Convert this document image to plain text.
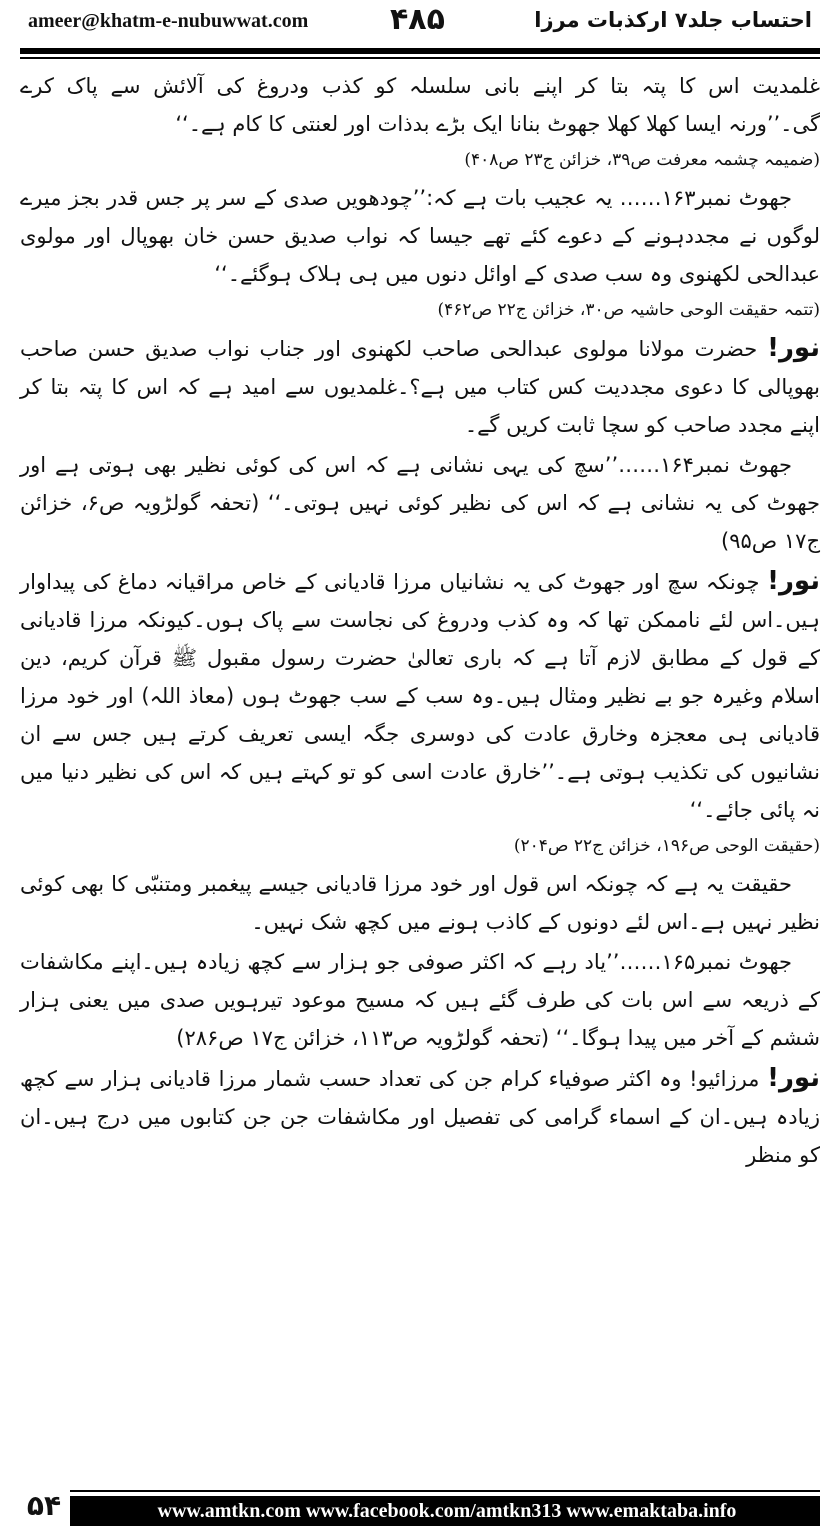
ameer@khatm-e-nubuwwat.com	۴۸۵	احتساب جلد۷ ارکذبات مرزا

غلمدیت اس کا پتہ بتا کر اپنے بانی سلسلہ کو کذب ودروغ کی آلائش سے پاک کرے گی۔’’ورنہ ایسا کھلا کھلا جھوٹ بنانا ایک بڑے بدذات اور لعنتی کا کام ہے۔‘‘

(ضمیمہ چشمہ معرفت ص۳۹، خزائن ج۲۳ ص۴۰۸)

جھوٹ نمبر۱۶۳…… یہ عجیب بات ہے کہ:’’چودھویں صدی کے سر پر جس قدر بجز میرے لوگوں نے مجددہونے کے دعوے کئے تھے جیسا کہ نواب صدیق حسن خان بھوپال اور مولوی عبدالحی لکھنوی وہ سب صدی کے اوائل دنوں میں ہی ہلاک ہوگئے۔‘‘

(تتمہ حقیقت الوحی حاشیہ ص۳۰، خزائن ج۲۲ ص۴۶۲)

نور! حضرت مولانا مولوی عبدالحی صاحب لکھنوی اور جناب نواب صدیق حسن صاحب بھوپالی کا دعوی مجددیت کس کتاب میں ہے؟۔غلمدیوں سے امید ہے کہ اس کا پتہ بتا کر اپنے مجدد صاحب کو سچا ثابت کریں گے۔

جھوٹ نمبر۱۶۴……’’سچ کی یہی نشانی ہے کہ اس کی کوئی نظیر بھی ہوتی ہے اور جھوٹ کی یہ نشانی ہے کہ اس کی نظیر کوئی نہیں ہوتی۔‘‘ (تحفہ گولڑویہ ص۶، خزائن ج۱۷ ص۹۵)

نور! چونکہ سچ اور جھوٹ کی یہ نشانیاں مرزا قادیانی کے خاص مراقیانہ دماغ کی پیداوار ہیں۔اس لئے ناممکن تھا کہ وہ کذب ودروغ کی نجاست سے پاک ہوں۔کیونکہ مرزا قادیانی کے قول کے مطابق لازم آتا ہے کہ باری تعالیٰ حضرت رسول مقبول ﷺ قرآن کریم، دین اسلام وغیرہ جو بے نظیر ومثال ہیں۔وہ سب کے سب جھوٹ ہوں (معاذ اللہ) اور خود مرزا قادیانی ہی معجزہ وخارق عادت کی دوسری جگہ ایسی تعریف کرتے ہیں جس سے ان نشانیوں کی تکذیب ہوتی ہے۔’’خارق عادت اسی کو تو کہتے ہیں کہ اس کی نظیر دنیا میں نہ پائی جائے۔‘‘

(حقیقت الوحی ص۱۹۶، خزائن ج۲۲ ص۲۰۴)

حقیقت یہ ہے کہ چونکہ اس قول اور خود مرزا قادیانی جیسے پیغمبر ومتنبّی کا بھی کوئی نظیر نہیں ہے۔اس لئے دونوں کے کاذب ہونے میں کچھ شک نہیں۔

جھوٹ نمبر۱۶۵……’’یاد رہے کہ اکثر صوفی جو ہزار سے کچھ زیادہ ہیں۔اپنے مکاشفات کے ذریعہ سے اس بات کی طرف گئے ہیں کہ مسیح موعود تیرہویں صدی میں یعنی ہزار ششم کے آخر میں پیدا ہوگا۔‘‘ (تحفہ گولڑویہ ص۱۱۳، خزائن ج۱۷ ص۲۸۶)

نور! مرزائیو! وہ اکثر صوفیاء کرام جن کی تعداد حسب شمار مرزا قادیانی ہزار سے کچھ زیادہ ہیں۔ان کے اسماء گرامی کی تفصیل اور مکاشفات جن جن کتابوں میں درج ہیں۔ان کو منظر

۵۴	www.amtkn.com www.facebook.com/amtkn313 www.emaktaba.info
